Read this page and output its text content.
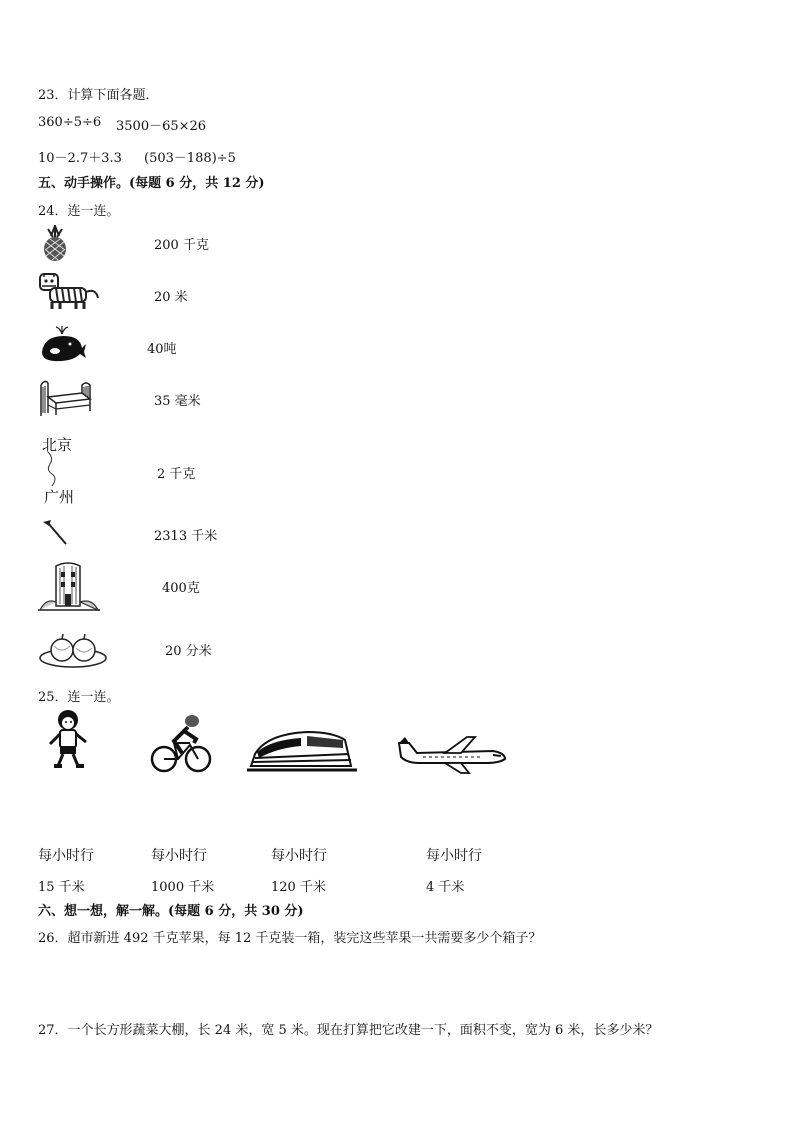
23．计算下面各题．
360÷5÷6 3500－65×26
10－2.7＋3.3 (503－188)÷5
五、动手操作。(每题 6 分，共 12 分)
24．连一连。
200 千克
20 米
40吨
35 毫米
北京
广州
2 千克
2313 千米
400克
20 分米
25．连一连。
每小时行	每小时行	每小时行	每小时行
15 千米	1000 千米	120 千米	4 千米
六、想一想，解一解。(每题 6 分，共 30 分)
26．超市新进 492 千克苹果，每 12 千克装一箱，装完这些苹果一共需要多少个箱子？
27．一个长方形蔬菜大棚，长 24 米，宽 5 米。现在打算把它改建一下，面积不变，宽为 6 米，长多少米？
